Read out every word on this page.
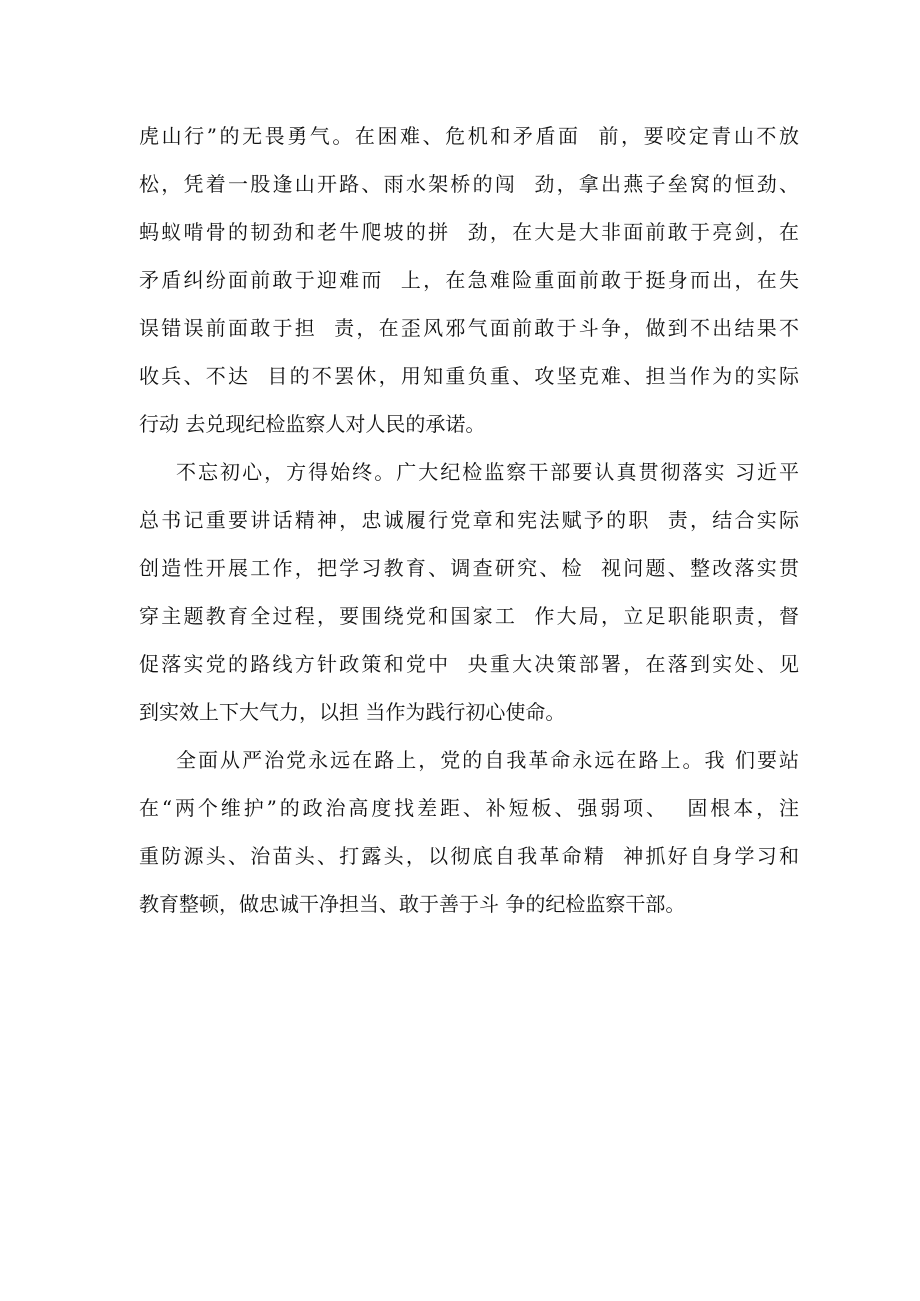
虎山行”的无畏勇气。在困难、危机和矛盾面  前，要咬定青山不放
松，凭着一股逢山开路、雨水架桥的闯  劲，拿出燕子垒窝的恒劲、
蚂蚁啃骨的韧劲和老牛爬坡的拼  劲，在大是大非面前敢于亮剑，在
矛盾纠纷面前敢于迎难而  上，在急难险重面前敢于挺身而出，在失
误错误前面敢于担  责，在歪风邪气面前敢于斗争，做到不出结果不
收兵、不达  目的不罢休，用知重负重、攻坚克难、担当作为的实际
行动 去兑现纪检监察人对人民的承诺。
不忘初心，方得始终。广大纪检监察干部要认真贯彻落实 习近平
总书记重要讲话精神，忠诚履行党章和宪法赋予的职  责，结合实际
创造性开展工作，把学习教育、调查研究、检  视问题、整改落实贯
穿主题教育全过程，要围绕党和国家工  作大局，立足职能职责，督
促落实党的路线方针政策和党中  央重大决策部署，在落到实处、见
到实效上下大气力，以担 当作为践行初心使命。
全面从严治党永远在路上，党的自我革命永远在路上。我 们要站
在“两个维护”的政治高度找差距、补短板、强弱项、  固根本，注
重防源头、治苗头、打露头，以彻底自我革命精  神抓好自身学习和
教育整顿，做忠诚干净担当、敢于善于斗 争的纪检监察干部。
